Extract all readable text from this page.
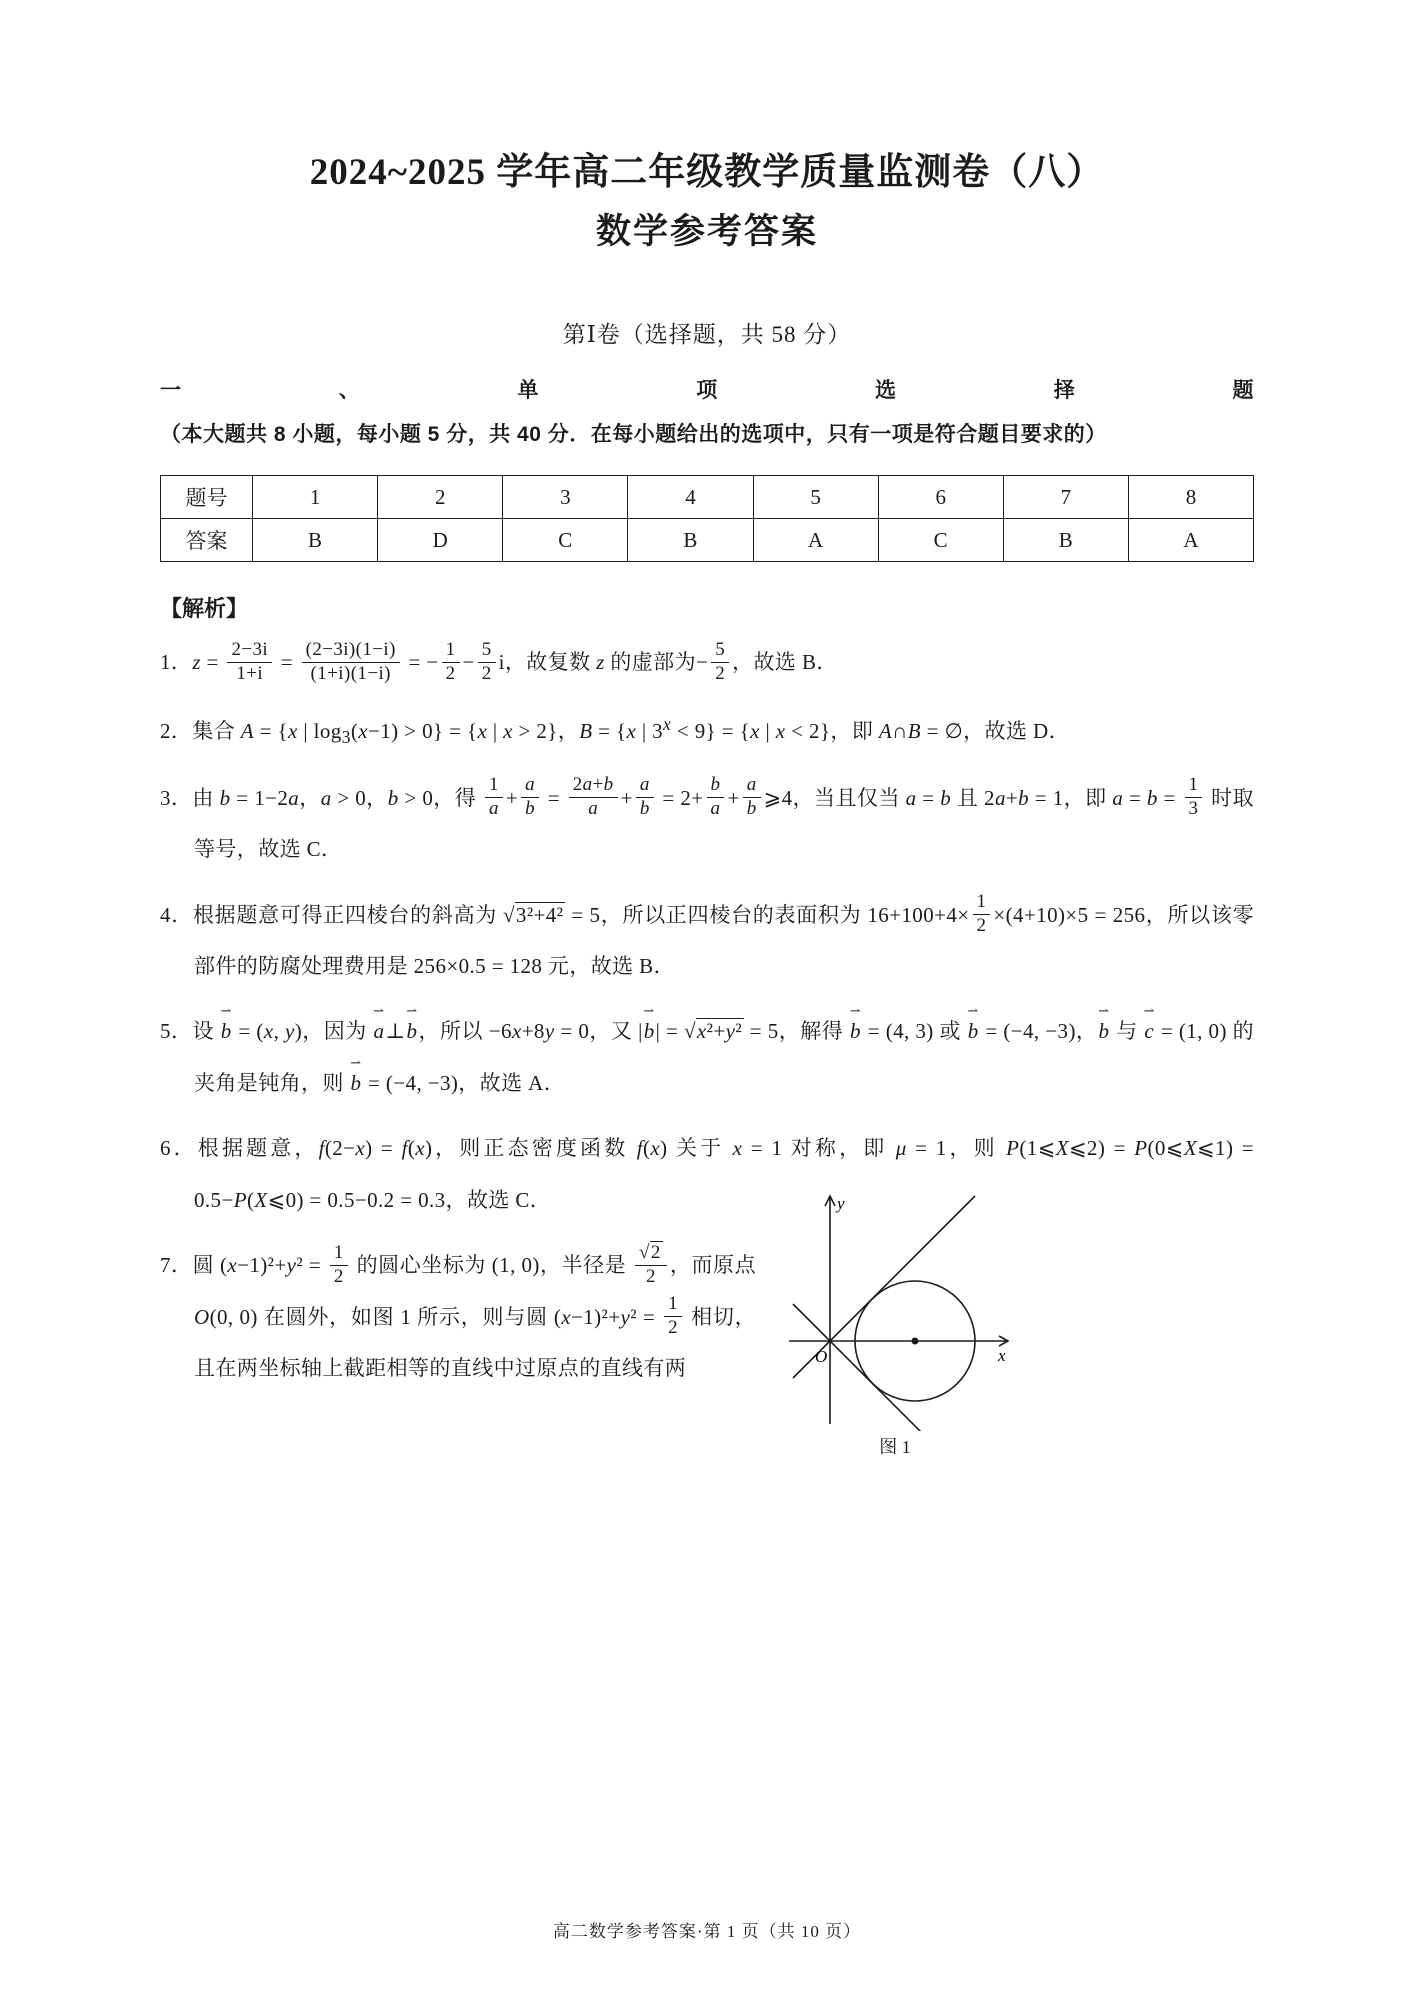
2024~2025 学年高二年级教学质量监测卷（八）
数学参考答案
第Ⅰ卷（选择题，共 58 分）

一、单项选择题（本大题共 8 小题，每小题 5 分，共 40 分．在每小题给出的选项中，只有一项是符合题目要求的）

题号	1	2	3	4	5	6	7	8
答案	B	D	C	B	A	C	B	A
【解析】
1．$z = \frac{2-3i}{1+i} = \frac{(2-3i)(1-i)}{(1+i)(1-i)}$ = − $\frac{1}{2} - \frac{5}{2}$ i，故复数 z 的虚部为− $\frac{5}{2}$ ，故选 B．
2．集合 A = {x | $\log_3(x-1) > 0\} = \{x$ | x > 2}，B = {x | $3^x < 9\} = \{x$ | x < 2}，即 A∩B = ∅，故选 D．
3．由 b = 1−2a，a > 0，b > 0，得 $\frac{1}{a} + \frac{a}{b} = \frac{2a+b}{a} + \frac{a}{b} = 2+ \frac{b}{a} + \frac{a}{b}$ ⩾4，当且仅当 a = b 且 2a+b = 1，即 $a = b = \frac{1}{3}$ 时取等号，故选 C．
4．根据题意可得正四棱台的斜高为 √3²+4² = 5，所以正四棱台的表面积为 $16+100+4\times \frac{1}{2} \times(4+10)\times 5 = 256$，所以该零部件的防腐处理费用是 256×0.5 = 128 元，故选 B．
5．设 ⇀ b = (x, y)，因为 ⇀ a⊥⇀ b，所以 −6x+8y = 0，又 |⇀ b| = √x²+y² = 5，解得 ⇀ b = (4, 3) 或 ⇀ b = (−4, −3)，⇀ b 与 ⇀ c = (1, 0) 的夹角是钝角，则 ⇀ b = (−4, −3)，故选 A．
6．根据题意，f(2−x) = f(x)，则正态密度函数 f(x) 关于 x = 1 对称，即 μ = 1，则 P(1⩽X⩽2) = P(0⩽X⩽1) = 0.5−P(X⩽0) = 0.5−0.2 = 0.3，故选 C．
7．圆 $(x-1)^2+y^2 = \frac{1}{2}$ 的圆心坐标为 (1, 0)，半径是 $\frac{√2}{2}$ ，而原点 O(0, 0) 在圆外，如图 1 所示，则与圆 $(x-1)^2+y^2 = \frac{1}{2}$ 相切，且在两坐标轴上截距相等的直线中过原点的直线有两	O	x
y
图 1
高二数学参考答案·第 1 页（共 10 页）
